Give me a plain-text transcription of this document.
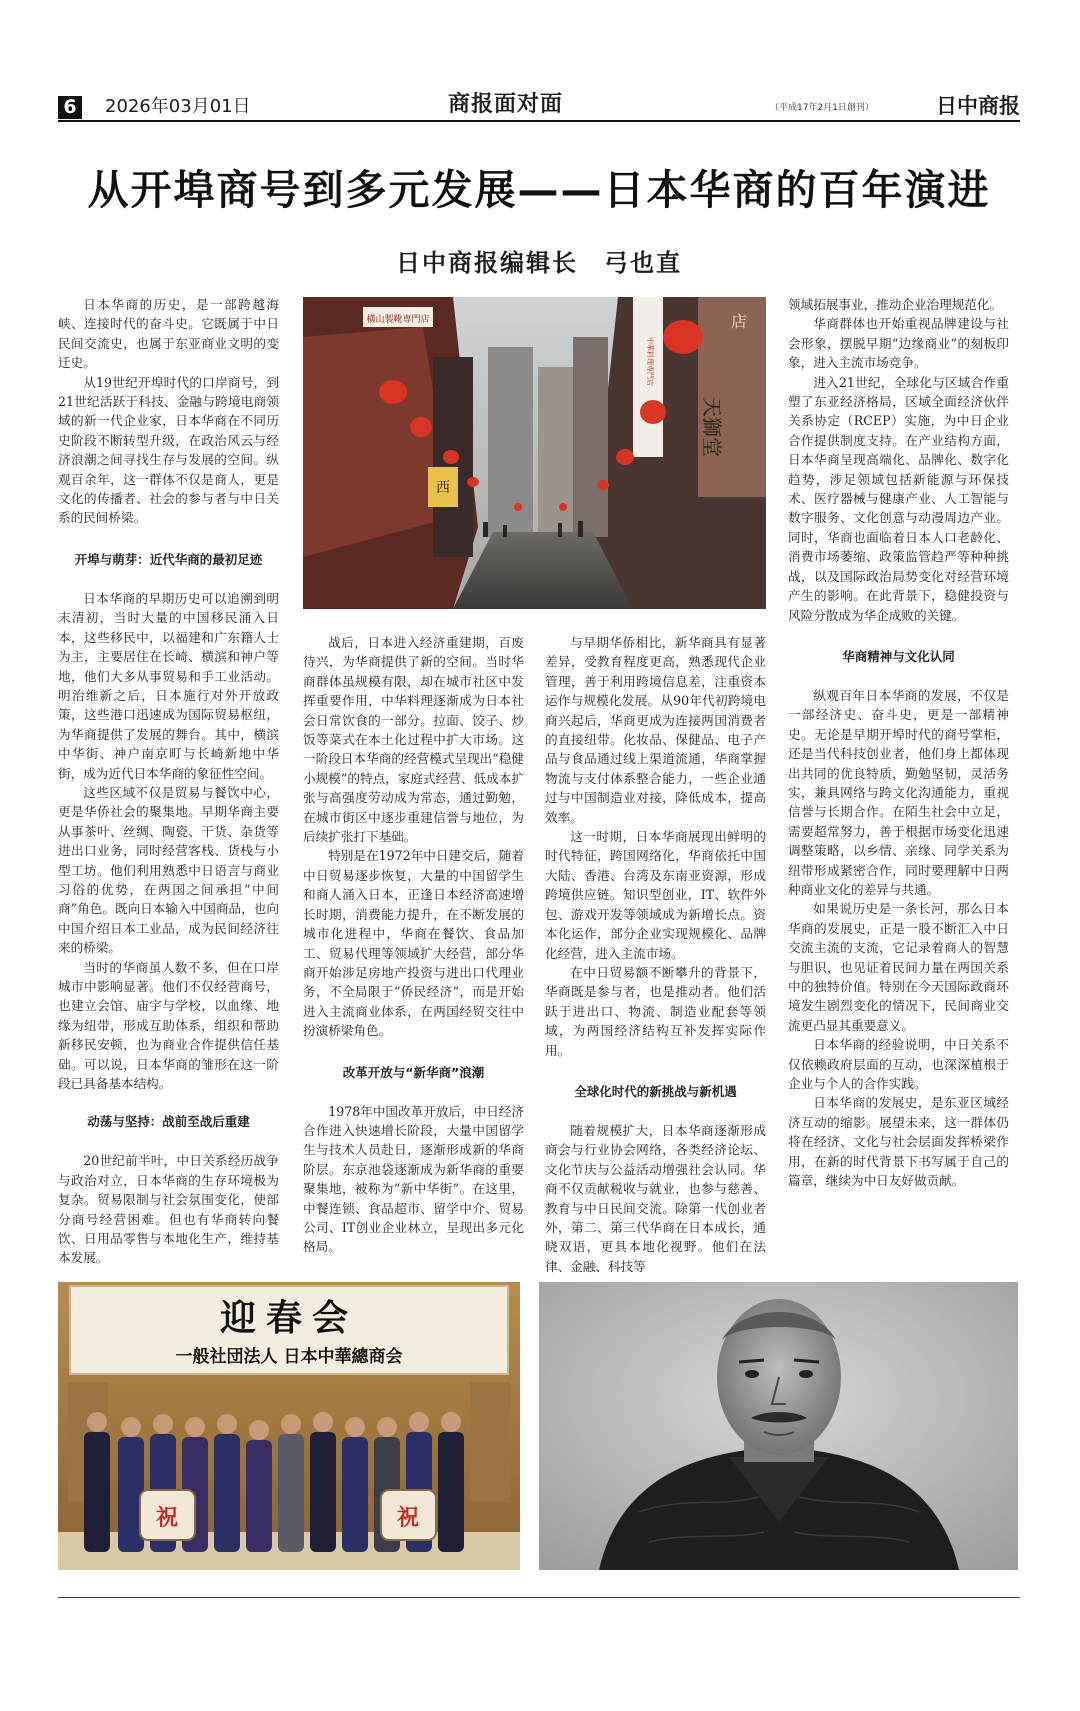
6 2026年03月01日	商报面对面	（平成17年2月1日創刊）	日中商报
从开埠商号到多元发展——日本华商的百年演进
日中商报编辑长　弓也直

日本华商的历史，是一部跨越海峡、连接时代的奋斗史。它既属于中日民间交流史，也属于东亚商业文明的变迁史。

从19世纪开埠时代的口岸商号，到21世纪活跃于科技、金融与跨境电商领域的新一代企业家，日本华商在不同历史阶段不断转型升级，在政治风云与经济浪潮之间寻找生存与发展的空间。纵观百余年，这一群体不仅是商人，更是文化的传播者、社会的参与者与中日关系的民间桥梁。

开埠与萌芽：近代华商的最初足迹

日本华商的早期历史可以追溯到明末清初，当时大量的中国移民涌入日本，这些移民中，以福建和广东籍人士为主，主要居住在长崎、横滨和神户等地，他们大多从事贸易和手工业活动。明治维新之后，日本施行对外开放政策，这些港口迅速成为国际贸易枢纽，为华商提供了发展的舞台。其中，横滨中华街、神户南京町与长崎新地中华街，成为近代日本华商的象征性空间。

这些区域不仅是贸易与餐饮中心，更是华侨社会的聚集地。早期华商主要从事茶叶、丝绸、陶瓷、干货、杂货等进出口业务，同时经营客栈、货栈与小型工坊。他们利用熟悉中日语言与商业习俗的优势，在两国之间承担“中间商”角色。既向日本输入中国商品，也向中国介绍日本工业品，成为民间经济往来的桥梁。

当时的华商虽人数不多，但在口岸城市中影响显著。他们不仅经营商号，也建立会馆、庙宇与学校，以血缘、地缘为纽带，形成互助体系，组织和帮助新移民安顿，也为商业合作提供信任基础。可以说，日本华商的雏形在这一阶段已具备基本结构。

动荡与坚持：战前至战后重建

20世纪前半叶，中日关系经历战争与政治对立，日本华商的生存环境极为复杂。贸易限制与社会氛围变化，使部分商号经营困难。但也有华商转向餐饮、日用品零售与本地化生产，维持基本发展。

横山製靴専門店	店
西
中華料理専門店
天獅堂

战后，日本进入经济重建期，百废待兴，为华商提供了新的空间。当时华商群体虽规模有限，却在城市社区中发挥重要作用，中华料理逐渐成为日本社会日常饮食的一部分。拉面、饺子、炒饭等菜式在本土化过程中扩大市场。这一阶段日本华商的经营模式呈现出“稳健小规模”的特点，家庭式经营、低成本扩张与高强度劳动成为常态，通过勤勉，在城市街区中逐步重建信誉与地位，为后续扩张打下基础。

特别是在1972年中日建交后，随着中日贸易逐步恢复，大量的中国留学生和商人涌入日本，正逢日本经济高速增长时期，消费能力提升，在不断发展的城市化进程中，华商在餐饮、食品加工、贸易代理等领域扩大经营，部分华商开始涉足房地产投资与进出口代理业务，不全局限于“侨民经济”，而是开始进入主流商业体系，在两国经贸交往中扮演桥梁角色。

改革开放与“新华商”浪潮

1978年中国改革开放后，中日经济合作进入快速增长阶段，大量中国留学生与技术人员赴日，逐渐形成新的华商阶层。东京池袋逐渐成为新华商的重要聚集地，被称为“新中华街”。在这里，中餐连锁、食品超市、留学中介、贸易公司、IT创业企业林立，呈现出多元化格局。

与早期华侨相比，新华商具有显著差异，受教育程度更高，熟悉现代企业管理，善于利用跨境信息差，注重资本运作与规模化发展。从90年代初跨境电商兴起后，华商更成为连接两国消费者的直接纽带。化妆品、保健品、电子产品与食品通过线上渠道流通，华商掌握物流与支付体系整合能力，一些企业通过与中国制造业对接，降低成本，提高效率。

这一时期，日本华商展现出鲜明的时代特征，跨国网络化，华商依托中国大陆、香港、台湾及东南亚资源，形成跨境供应链。知识型创业，IT、软件外包、游戏开发等领域成为新增长点。资本化运作，部分企业实现规模化、品牌化经营，进入主流市场。

在中日贸易额不断攀升的背景下，华商既是参与者，也是推动者。他们活跃于进出口、物流、制造业配套等领域，为两国经济结构互补发挥实际作用。

全球化时代的新挑战与新机遇

随着规模扩大，日本华商逐渐形成商会与行业协会网络，各类经济论坛、文化节庆与公益活动增强社会认同。华商不仅贡献税收与就业，也参与慈善、教育与中日民间交流。除第一代创业者外，第二、第三代华商在日本成长，通晓双语，更具本地化视野。他们在法律、金融、科技等

领域拓展事业，推动企业治理规范化。

华商群体也开始重视品牌建设与社会形象，摆脱早期“边缘商业”的刻板印象，进入主流市场竞争。

进入21世纪，全球化与区域合作重塑了东亚经济格局，区域全面经济伙伴关系协定（RCEP）实施，为中日企业合作提供制度支持。在产业结构方面，日本华商呈现高端化、品牌化、数字化趋势，涉足领域包括新能源与环保技术、医疗器械与健康产业、人工智能与数字服务、文化创意与动漫周边产业。同时，华商也面临着日本人口老龄化、消费市场萎缩、政策监管趋严等种种挑战，以及国际政治局势变化对经营环境产生的影响。在此背景下，稳健投资与风险分散成为华企成败的关键。

华商精神与文化认同

纵观百年日本华商的发展，不仅是一部经济史、奋斗史，更是一部精神史。无论是早期开埠时代的商号掌柜，还是当代科技创业者，他们身上都体现出共同的优良特质，勤勉坚韧，灵活务实，兼具网络与跨文化沟通能力，重视信誉与长期合作。在陌生社会中立足，需要超常努力，善于根据市场变化迅速调整策略，以乡情、亲缘、同学关系为纽带形成紧密合作，同时要理解中日两种商业文化的差异与共通。

如果说历史是一条长河，那么日本华商的发展史，正是一股不断汇入中日交流主流的支流，它记录着商人的智慧与胆识，也见证着民间力量在两国关系中的独特价值。特别在今天国际政商环境发生剧烈变化的情况下，民间商业交流更凸显其重要意义。

日本华商的经验说明，中日关系不仅依赖政府层面的互动，也深深植根于企业与个人的合作实践。

日本华商的发展史，是东亚区域经济互动的缩影。展望未来，这一群体仍将在经济、文化与社会层面发挥桥梁作用，在新的时代背景下书写属于自己的篇章，继续为中日友好做贡献。

迎春会
一般社団法人 日本中華總商会
祝	祝
